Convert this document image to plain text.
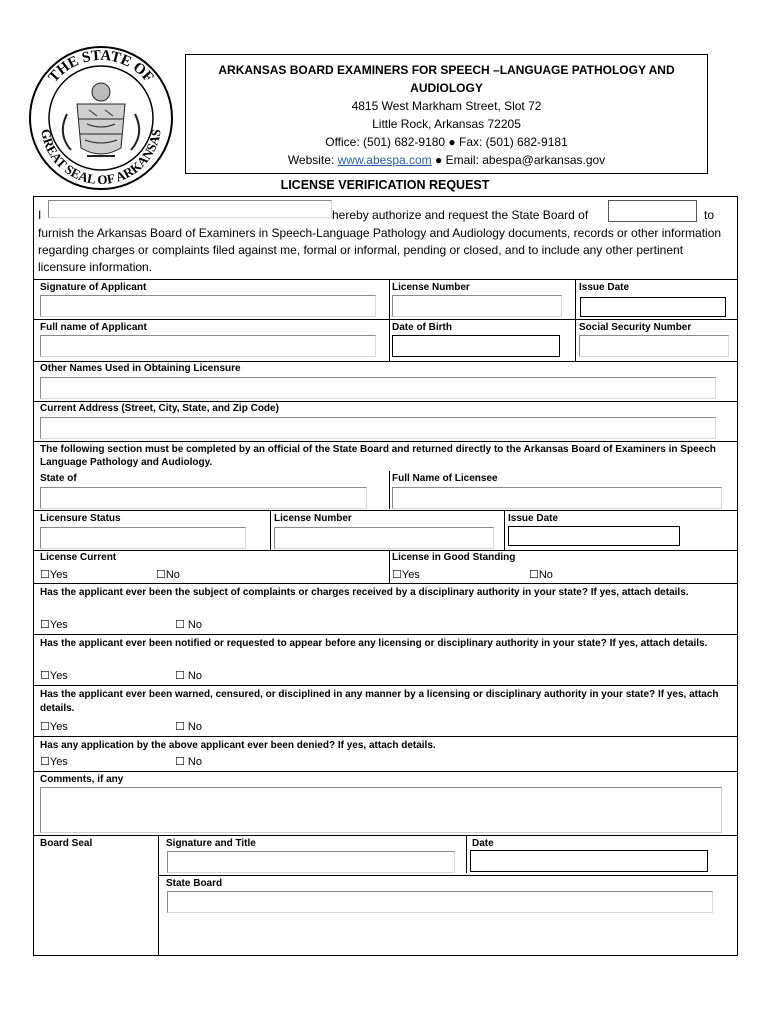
THE STATE OF
GREAT SEAL OF ARKANSAS
ARKANSAS BOARD EXAMINERS FOR SPEECH –LANGUAGE PATHOLOGY AND AUDIOLOGY
4815 West Markham Street, Slot 72
Little Rock, Arkansas 72205
Office: (501) 682-9180 ● Fax: (501) 682-9181
Website: www.abespa.com ● Email: abespa@arkansas.gov
LICENSE VERIFICATION REQUEST
I	hereby authorize and request the State Board of	to
furnish the Arkansas Board of Examiners in Speech-Language Pathology and Audiology documents, records or other information regarding charges or complaints filed against me, formal or informal, pending or closed, and to include any other pertinent licensure information.
Signature of Applicant	License Number	Issue Date
Full name of Applicant	Date of Birth	Social Security Number
Other Names Used in Obtaining Licensure
Current Address (Street, City, State, and Zip Code)
The following section must be completed by an official of the State Board and returned directly to the Arkansas Board of Examiners in Speech Language Pathology and Audiology.
State of	Full Name of Licensee
Licensure Status	License Number	Issue Date
License Current
☐Yes	☐No
License in Good Standing
☐Yes	☐No
Has the applicant ever been the subject of complaints or charges received by a disciplinary authority in your state? If yes, attach details.
☐Yes	☐ No
Has the applicant ever been notified or requested to appear before any licensing or disciplinary authority in your state? If yes, attach details.
☐Yes	☐ No
Has the applicant ever been warned, censured, or disciplined in any manner by a licensing or disciplinary authority in your state? If yes, attach details.
☐Yes	☐ No
Has any application by the above applicant ever been denied? If yes, attach details.
☐Yes	☐ No
Comments, if any
Board Seal	Signature and Title	Date
State Board
